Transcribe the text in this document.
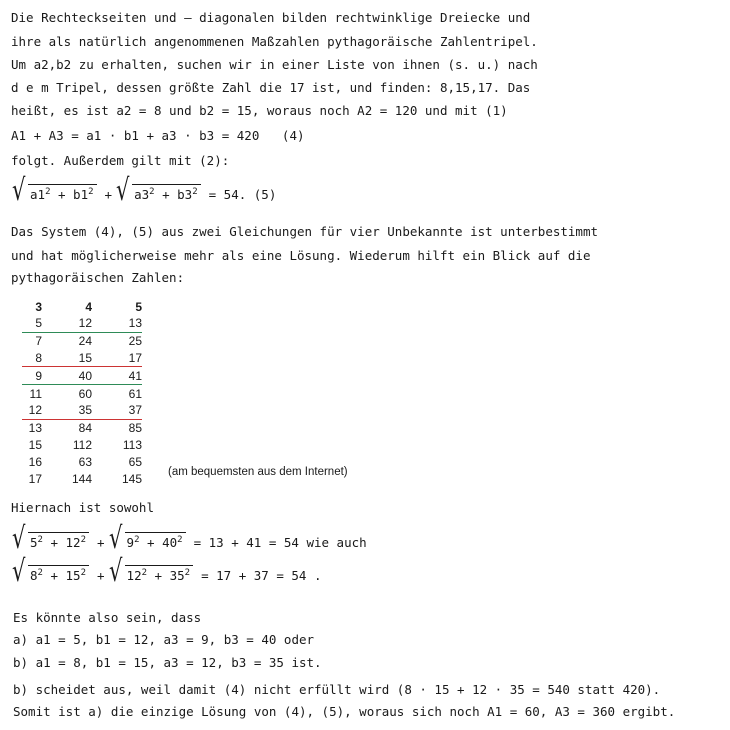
Die Rechteckseiten und – diagonalen bilden rechtwinklige Dreiecke und
ihre als natürlich angenommenen Maßzahlen pythagoräische Zahlentripel.
Um a2,b2 zu erhalten, suchen wir in einer Liste von ihnen (s. u.) nach
d e m Tripel, dessen größte Zahl die 17 ist, und finden: 8,15,17. Das
heißt, es ist a2 = 8 und b2 = 15, woraus noch A2 = 120 und mit (1)
A1 + A3 = a1 · b1 + a3 · b3 = 420   (4)
folgt. Außerdem gilt mit (2):
√ $a1^2 + b1^2$ + √ $a3^2 + b3^2 = 54$. (5)
Das System (4), (5) aus zwei Gleichungen für vier Unbekannte ist unterbestimmt
und hat möglicherweise mehr als eine Lösung. Wiederum hilft ein Blick auf die
pythagoräischen Zahlen:
3	4	5
5	12	13
7	24	25
8	15	17
9	40	41
11	60	61
12	35	37
13	84	85
15	112	113
16	63	65
17	144	145 (am bequemsten aus dem Internet)
Hiernach ist sowohl
√ $5^2 + 12^2$ + √ $9^2 + 40^2 = 13 + 41 = 54$ wie auch
√ $8^2 + 15^2$ + √ $12^2 + 35^2 = 17 + 37 = 54$ .
Es könnte also sein, dass
a) a1 = 5, b1 = 12, a3 = 9, b3 = 40 oder
b) a1 = 8, b1 = 15, a3 = 12, b3 = 35 ist.
b) scheidet aus, weil damit (4) nicht erfüllt wird (8 · 15 + 12 · 35 = 540 statt 420).
Somit ist a) die einzige Lösung von (4), (5), woraus sich noch A1 = 60, A3 = 360 ergibt.
